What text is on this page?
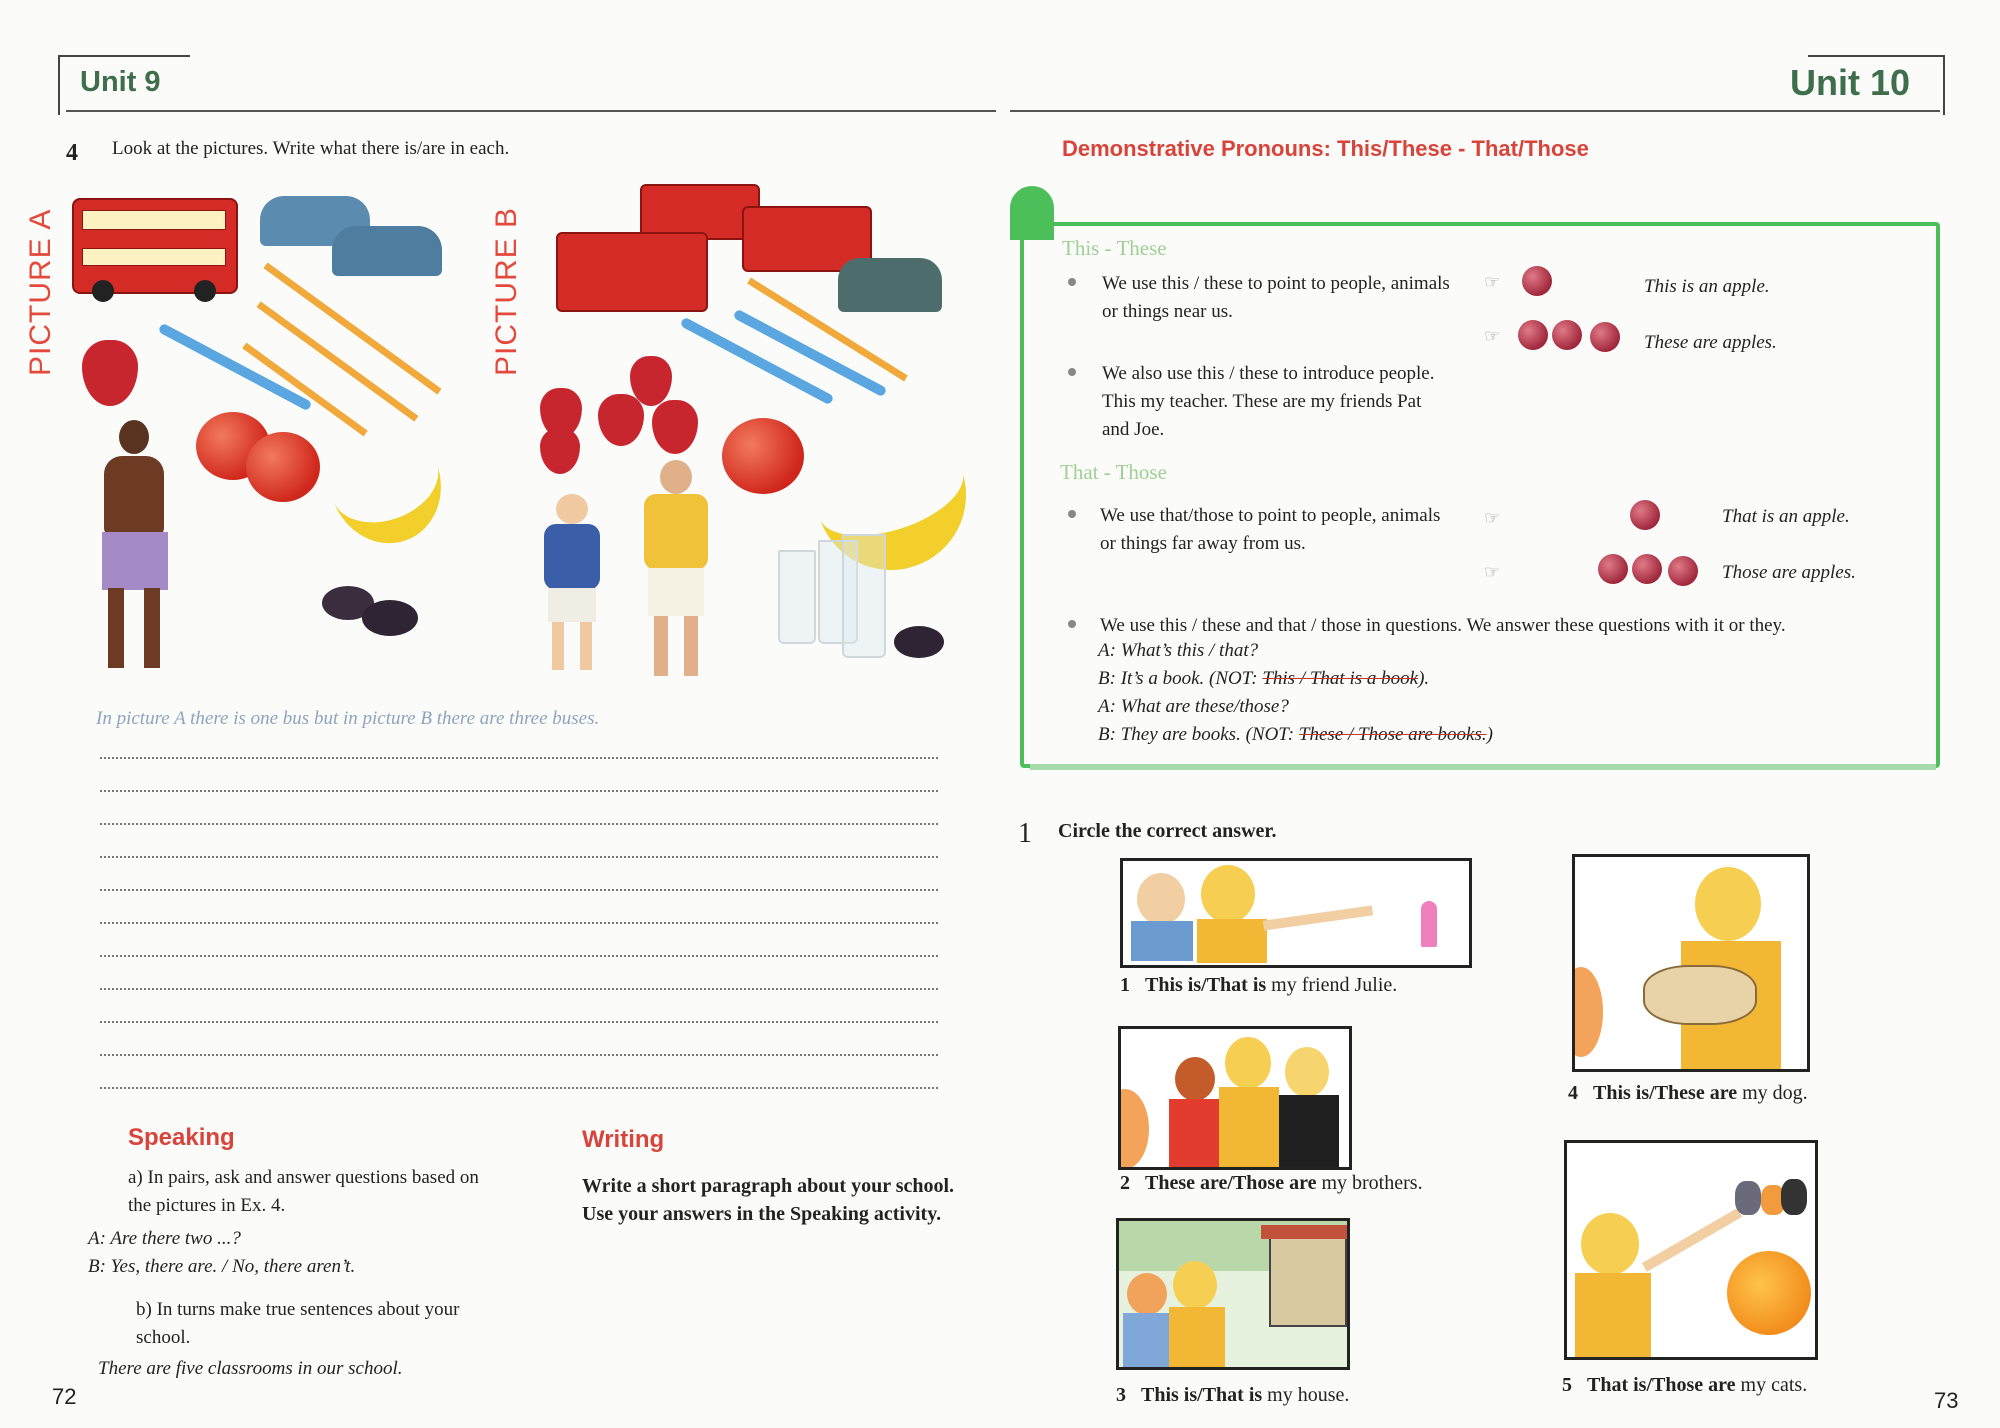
Unit 9
4 Look at the pictures. Write what there is/are in each.
PICTURE A	PICTURE B
In picture A there is one bus but in picture B there are three buses.
Speaking
a) In pairs, ask and answer questions based on the pictures in Ex. 4.
A: Are there two ...?
B: Yes, there are. / No, there aren’t.
b) In turns make true sentences about your school.
There are five classrooms in our school.
Writing
Write a short paragraph about your school. Use your answers in the Speaking activity.
72
Unit 10
Demonstrative Pronouns: This/These - That/Those
This - These
We use this / these to point to people, animals or things near us.
We also use this / these to introduce people. This my teacher. These are my friends Pat and Joe.
That - Those
We use that/those to point to people, animals or things far away from us.
We use this / these and that / those in questions. We answer these questions with it or they.
☞	This is an apple.
☞	These are apples.
☞	That is an apple.
☞	Those are apples.
A: What’s this / that?
B: It’s a book. (NOT: This / That is a book).
A: What are these/those?
B: They are books. (NOT: These / Those are books.)
1 Circle the correct answer.
1 This is/That is my friend Julie.
2 These are/Those are my brothers.
3 This is/That is my house.
4 This is/These are my dog.
5 That is/Those are my cats.
73
